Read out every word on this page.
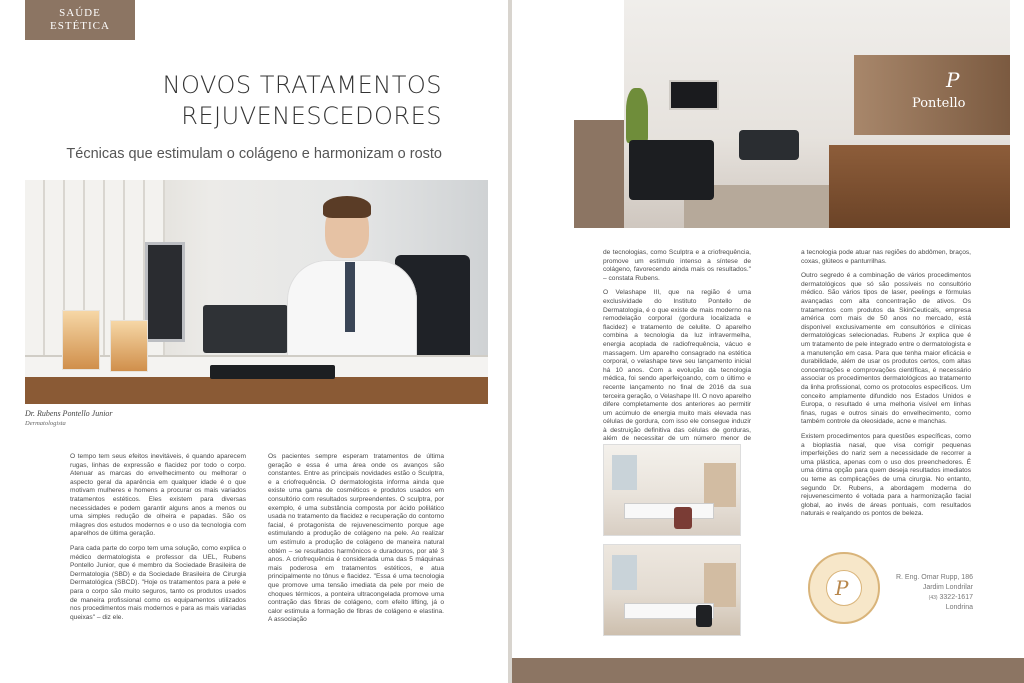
SAÚDE
ESTÉTICA
NOVOS TRATAMENTOS
REJUVENESCEDORES
Técnicas que estimulam o colágeno e harmonizam o rosto
Dr. Rubens Pontello Junior
Dermatologista

O tempo tem seus efeitos inevitáveis, é quando aparecem rugas, linhas de expressão e flacidez por todo o corpo. Atenuar as marcas do envelhecimento ou melhorar o aspecto geral da aparência em qualquer idade é o que motivam mulheres e homens a procurar os mais variados tratamentos estéticos. Eles existem para diversas necessidades e podem garantir alguns anos a menos ou uma simples redução de olheira e papadas. São os milagres dos estudos modernos e o uso da tecnologia com aparelhos de última geração.

Para cada parte do corpo tem uma solução, como explica o médico dermatologista e professor da UEL, Rubens Pontello Junior, que é membro da Sociedade Brasileira de Dermatologia (SBD) e da Sociedade Brasileira de Cirurgia Dermatológica (SBCD). "Hoje os tratamentos para a pele e para o corpo são muito seguros, tanto os produtos usados de maneira profissional como os equipamentos utilizados nos procedimentos mais modernos e para as mais variadas queixas" – diz ele.

Os pacientes sempre esperam tratamentos de última geração e essa é uma área onde os avanços são constantes. Entre as principais novidades estão o Sculptra, e a criofrequência. O dermatologista informa ainda que existe uma gama de cosméticos e produtos usados em consultório com resultados surpreendentes. O sculptra, por exemplo, é uma substância composta por ácido polilático usada no tratamento da flacidez e recuperação do contorno facial, é protagonista de rejuvenescimento porque age estimulando a produção de colágeno na pele. Ao realizar um estímulo a produção de colágeno de maneira natural obtém – se resultados harmônicos e duradouros, por até 3 anos. A criofrequência é considerada uma das 5 máquinas mais poderosa em tratamentos estéticos, e atua principalmente no tônus e flacidez. "Essa é uma tecnologia que promove uma tensão imediata da pele por meio de choques térmicos, a ponteira ultracongelada promove uma contração das fibras de colágeno, com efeito lifting, já o calor estimula a formação de fibras de colágeno e elastina. A associação

P
Pontello

de tecnologias, como Sculptra e a criofrequência, promove um estímulo intenso a síntese de colágeno, favorecendo ainda mais os resultados." – constata Rubens.

O Velashape III, que na região é uma exclusividade do Instituto Pontello de Dermatologia, é o que existe de mais moderno na remodelação corporal (gordura localizada e flacidez) e tratamento de celulite. O aparelho combina a tecnologia da luz infravermelha, energia acoplada de radiofrequência, vácuo e massagem. Um aparelho consagrado na estética corporal, o velashape teve seu lançamento inicial há 10 anos. Com a evolução da tecnologia médica, foi sendo aperfeiçoando, com o último e recente lançamento no final de 2016 da sua terceira geração, o Velashape III. O novo aparelho difere completamente dos anteriores ao permitir um acúmulo de energia muito mais elevada nas células de gordura, com isso ele consegue induzir à destruição definitiva das células de gorduras, além de necessitar de um número menor de

a tecnologia pode atuar nas regiões do abdômen, braços, coxas, glúteos e panturrilhas.

Outro segredo é a combinação de vários procedimentos dermatológicos que só são possíveis no consultório médico. São vários tipos de laser, peelings e fórmulas avançadas com alta concentração de ativos. Os tratamentos com produtos da SkinCeuticals, empresa américa com mais de 50 anos no mercado, está disponível exclusivamente em consultórios e clínicas dermatológicas selecionadas. Rubens Jr explica que é um tratamento de pele integrado entre o dermatologista e a manutenção em casa. Para que tenha maior eficácia e durabilidade, além de usar os produtos certos, com altas concentrações e comprovações científicas, é necessário associar os procedimentos dermatológicos ao tratamento da linha profissional, como os protocolos específicos. Um conceito amplamente difundido nos Estados Unidos e Europa, o resultado é uma melhoria visível em linhas finas, rugas e outros sinais do envelhecimento, como também controle da oleosidade, acne e manchas.

Existem procedimentos para questões específicas, como a bioplastia nasal, que visa corrigir pequenas imperfeições do nariz sem a necessidade de recorrer a uma plástica, apenas com o uso dos preenchedores. É uma ótima opção para quem deseja resultados imediatos ou teme as complicações de uma cirurgia. No entanto, segundo Dr. Rubens, a abordagem moderna do rejuvenescimento é voltada para a harmonização facial global, ao invés de áreas pontuais, com resultados naturais e realçando os pontos de beleza.

P	R. Eng. Omar Rupp, 186
Jardim Londrilar
(43) 3322-1617
Londrina
